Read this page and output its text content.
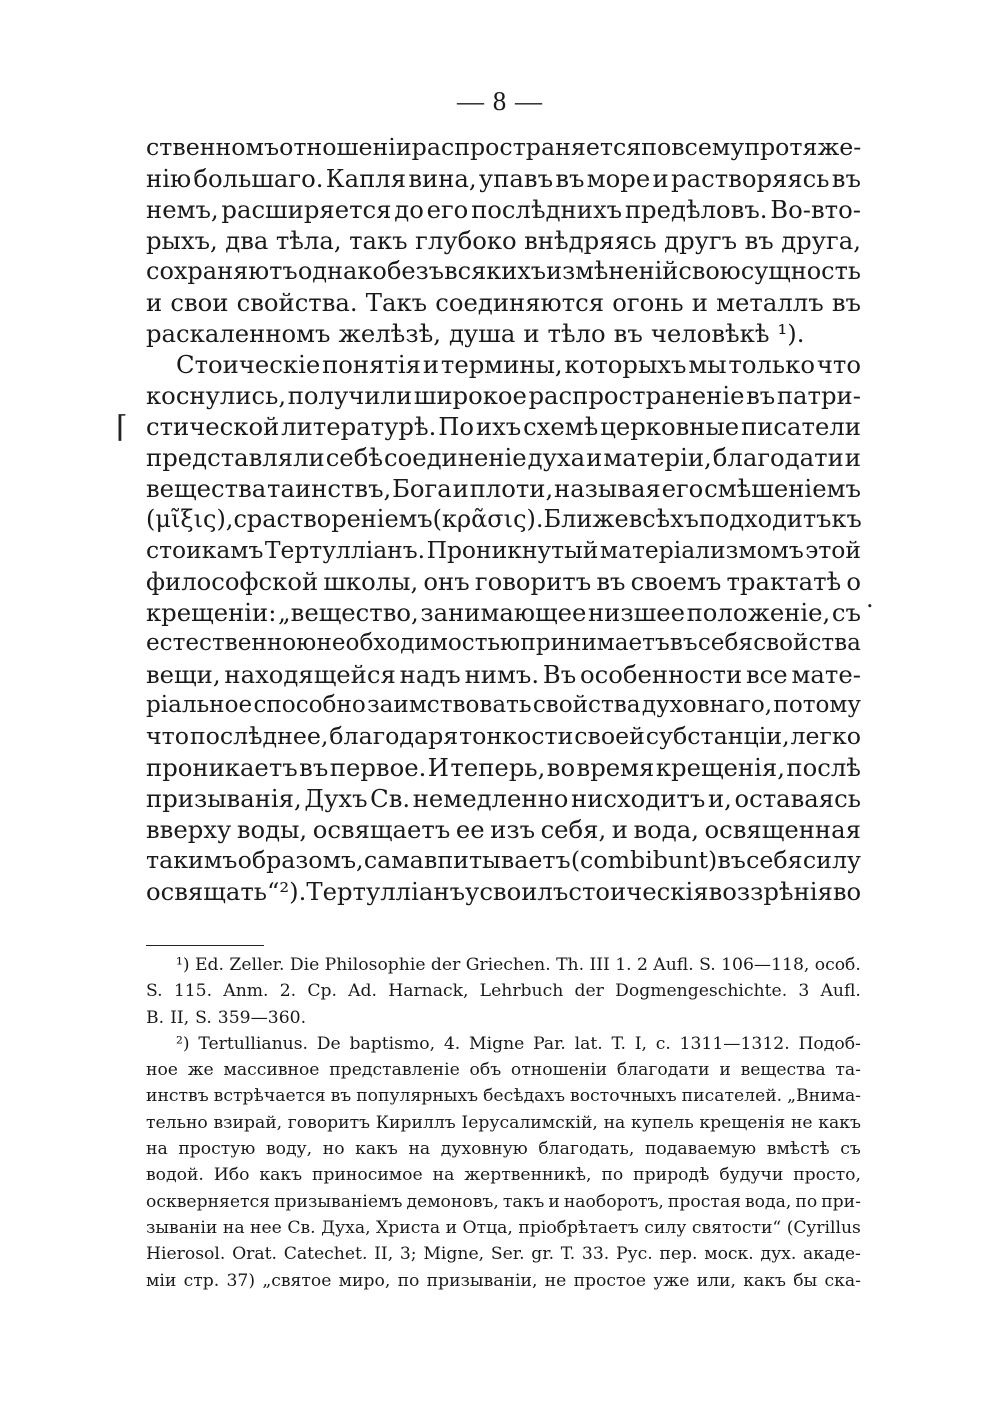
— 8 —
⌈
.
ственномъ отношеніи распространяется по всему протяже-
нію большаго. Капля вина, упавъ въ море и растворяясь въ
немъ, расширяется до его послѣднихъ предѣловъ. Во-вто-
рыхъ, два тѣла, такъ глубоко внѣдряясь другъ въ друга,
сохраняютъ однако безъ всякихъ измѣненій свою сущность
и свои свойства. Такъ соединяются огонь и металлъ въ
раскаленномъ желѣзѣ, душа и тѣло въ человѣкѣ ¹).
Стоическіе понятія и термины, которыхъ мы только что
коснулись, получили широкое распространеніе въ патри-
стической литературѣ. По ихъ схемѣ церковные писатели
представляли себѣ соединеніе духа и матеріи, благодати и
вещества таинствъ, Бога и плоти, называя его смѣшеніемъ
(μῖξις), сраствореніемъ (κρᾶσις). Ближе всѣхъ подходитъ къ
стоикамъ Тертулліанъ. Проникнутый матеріализмомъ этой
философской школы, онъ говоритъ въ своемъ трактатѣ о
крещеніи: „вещество, занимающее низшее положеніе, съ
естественною необходимостью принимаетъ въ себя свойства
вещи, находящейся надъ нимъ. Въ особенности все мате-
ріальное способно заимствовать свойства духовнаго, потому
что послѣднее, благодаря тонкости своей субстанціи, легко
проникаетъ въ первое. И теперь, во время крещенія, послѣ
призыванія, Духъ Св. немедленно нисходитъ и, оставаясь
вверху воды, освящаетъ ее изъ себя, и вода, освященная
такимъ образомъ, сама впитываетъ (combibunt) въ себя силу
освящать“ ²). Тертулліанъ усвоилъ стоическія воззрѣнія во
¹) Ed. Zeller. Die Philosophie der Griechen. Th. III 1. 2 Aufl. S. 106—118, особ.
S. 115. Anm. 2. Cp. Ad. Harnack, Lehrbuch der Dogmengeschichte. 3 Aufl.
B. II, S. 359—360.
²) Tertullianus. De baptismo, 4. Migne Par. lat. T. I, с. 1311—1312. Подоб-
ное же массивное представленіе объ отношеніи благодати и вещества та-
инствъ встрѣчается въ популярныхъ бесѣдахъ восточныхъ писателей. „Внима-
тельно взирай, говоритъ Кириллъ Іерусалимскій, на купель крещенія не какъ
на простую воду, но какъ на духовную благодать, подаваемую вмѣстѣ съ
водой. Ибо какъ приносимое на жертвенникѣ, по природѣ будучи просто,
оскверняется призываніемъ демоновъ, такъ и наоборотъ, простая вода, по при-
зываніи на нее Св. Духа, Христа и Отца, пріобрѣтаетъ силу святости“ (Cyrillus
Hierosol. Orat. Catechet. II, 3; Migne, Ser. gr. T. 33. Рус. пер. моск. дух. акаде-
міи стр. 37) „святое миро, по призываніи, не простое уже или, какъ бы ска-
